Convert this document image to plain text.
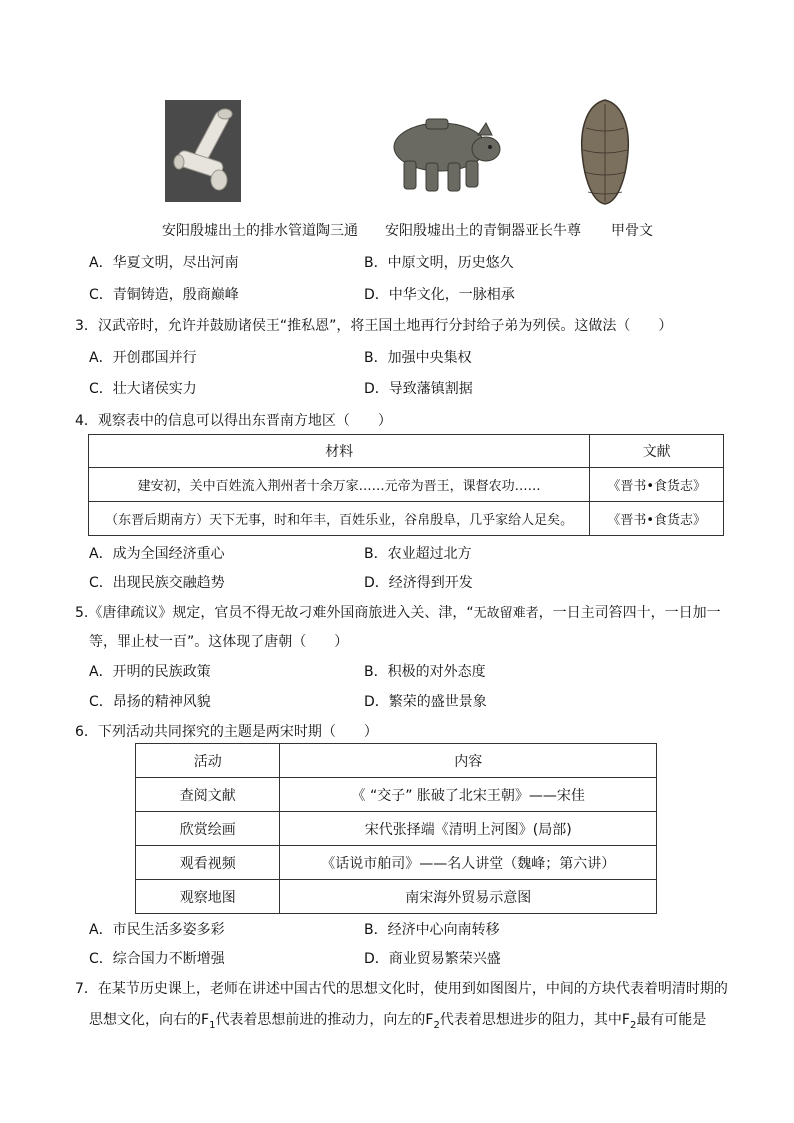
安阳殷墟出土的排水管道陶三通 安阳殷墟出土的青铜器亚长牛尊 甲骨文
A．华夏文明，尽出河南	B．中原文明，历史悠久
C．青铜铸造，殷商巅峰	D．中华文化，一脉相承
3．汉武帝时，允许并鼓励诸侯王“推私恩”，将王国土地再行分封给子弟为列侯。这做法（　　）
A．开创郡国并行	B．加强中央集权
C．壮大诸侯实力	D．导致藩镇割据
4．观察表中的信息可以得出东晋南方地区（　　）
材料	文献
建安初，关中百姓流入荆州者十余万家……元帝为晋王，课督农功……	《晋书•食货志》
（东晋后期南方）天下无事，时和年丰，百姓乐业，谷帛殷阜，几乎家给人足矣。	《晋书•食货志》
A．成为全国经济重心	B．农业超过北方
C．出现民族交融趋势	D．经济得到开发
5.《唐律疏议》规定，官员不得无故刁难外国商旅进入关、津，“无故留难者，一日主司笞四十，一日加一
等，罪止杖一百”。这体现了唐朝（　　）
A．开明的民族政策	B．积极的对外态度
C．昂扬的精神风貌	D．繁荣的盛世景象
6．下列活动共同探究的主题是两宋时期（　　）
活动	内容
查阅文献	《 “交子” 胀破了北宋王朝》——宋佳
欣赏绘画	宋代张择端《清明上河图》(局部)
观看视频	《话说市舶司》——名人讲堂（魏峰；第六讲）
观察地图	南宋海外贸易示意图
A．市民生活多姿多彩	B．经济中心向南转移
C．综合国力不断增强	D．商业贸易繁荣兴盛
7．在某节历史课上，老师在讲述中国古代的思想文化时，使用到如图图片，中间的方块代表着明清时期的
思想文化，向右的$F_1$代表着思想前进的推动力，向左的$F_2$代表着思想进步的阻力，其中$F_2$最有可能是
